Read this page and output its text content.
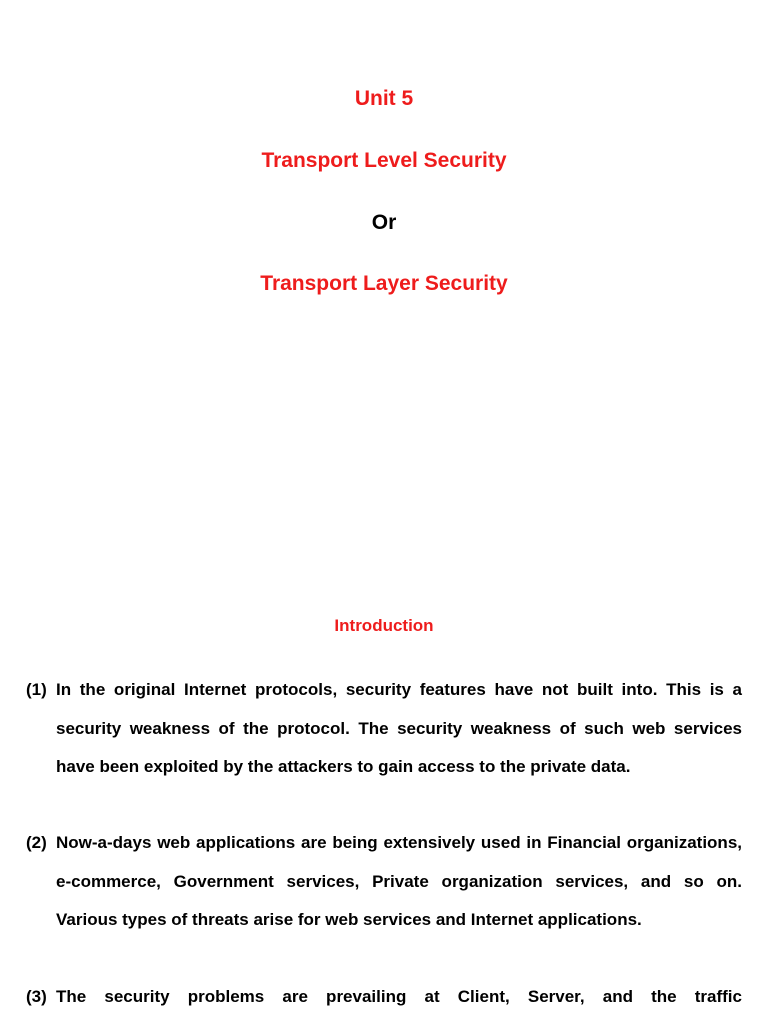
Unit 5
Transport Level Security
Or
Transport Layer Security
Introduction
(1) In the original Internet protocols, security features have not built into. This is a security weakness of the protocol. The security weakness of such web services have been exploited by the attackers to gain access to the private data.
(2) Now-a-days web applications are being extensively used in Financial organizations, e-commerce, Government services, Private organization services, and so on. Various types of threats arise for web services and Internet applications.
(3) The security problems are prevailing at Client, Server, and the traffic
